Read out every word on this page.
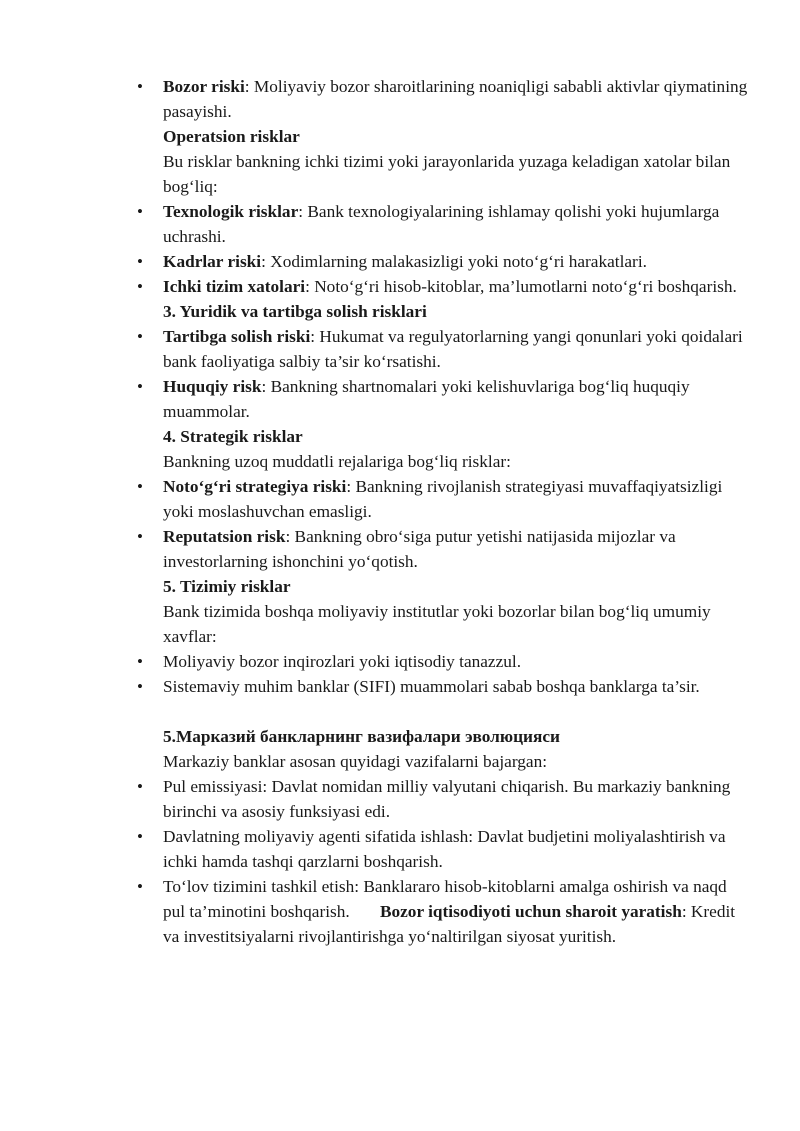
• Bozor riski: Moliyaviy bozor sharoitlarining noaniqligi sababli aktivlar qiymatining pasayishi.
Operatsion risklar
Bu risklar bankning ichki tizimi yoki jarayonlarida yuzaga keladigan xatolar bilan bog‘liq:
• Texnologik risklar: Bank texnologiyalarining ishlamay qolishi yoki hujumlarga uchrashi.
• Kadrlar riski: Xodimlarning malakasizligi yoki noto‘g‘ri harakatlari.
• Ichki tizim xatolari: Noto‘g‘ri hisob-kitoblar, ma’lumotlarni noto‘g‘ri boshqarish.
3. Yuridik va tartibga solish risklari
• Tartibga solish riski: Hukumat va regulyatorlarning yangi qonunlari yoki qoidalari bank faoliyatiga salbiy ta’sir ko‘rsatishi.
• Huquqiy risk: Bankning shartnomalari yoki kelishuvlariga bog‘liq huquqiy muammolar.
4. Strategik risklar
Bankning uzoq muddatli rejalariga bog‘liq risklar:
• Noto‘g‘ri strategiya riski: Bankning rivojlanish strategiyasi muvaffaqiyatsizligi yoki moslashuvchan emasligi.
• Reputatsion risk: Bankning obro‘siga putur yetishi natijasida mijozlar va investorlarning ishonchini yo‘qotish.
5. Tizimiy risklar
Bank tizimida boshqa moliyaviy institutlar yoki bozorlar bilan bog‘liq umumiy xavflar:
• Moliyaviy bozor inqirozlari yoki iqtisodiy tanazzul.
• Sistemaviy muhim banklar (SIFI) muammolari sabab boshqa banklarga ta’sir.
5.Марказий банкларнинг вазифалари эволюцияси
Markaziy banklar asosan quyidagi vazifalarni bajargan:
• Pul emissiyasi: Davlat nomidan milliy valyutani chiqarish. Bu markaziy bankning birinchi va asosiy funksiyasi edi.
• Davlatning moliyaviy agenti sifatida ishlash: Davlat budjetini moliyalashtirish va ichki hamda tashqi qarzlarni boshqarish.
• To‘lov tizimini tashkil etish: Banklararo hisob-kitoblarni amalga oshirish va naqd pul ta’minotini boshqarish. Bozor iqtisodiyoti uchun sharoit yaratish: Kredit va investitsiyalarni rivojlantirishga yo‘naltirilgan siyosat yuritish.
